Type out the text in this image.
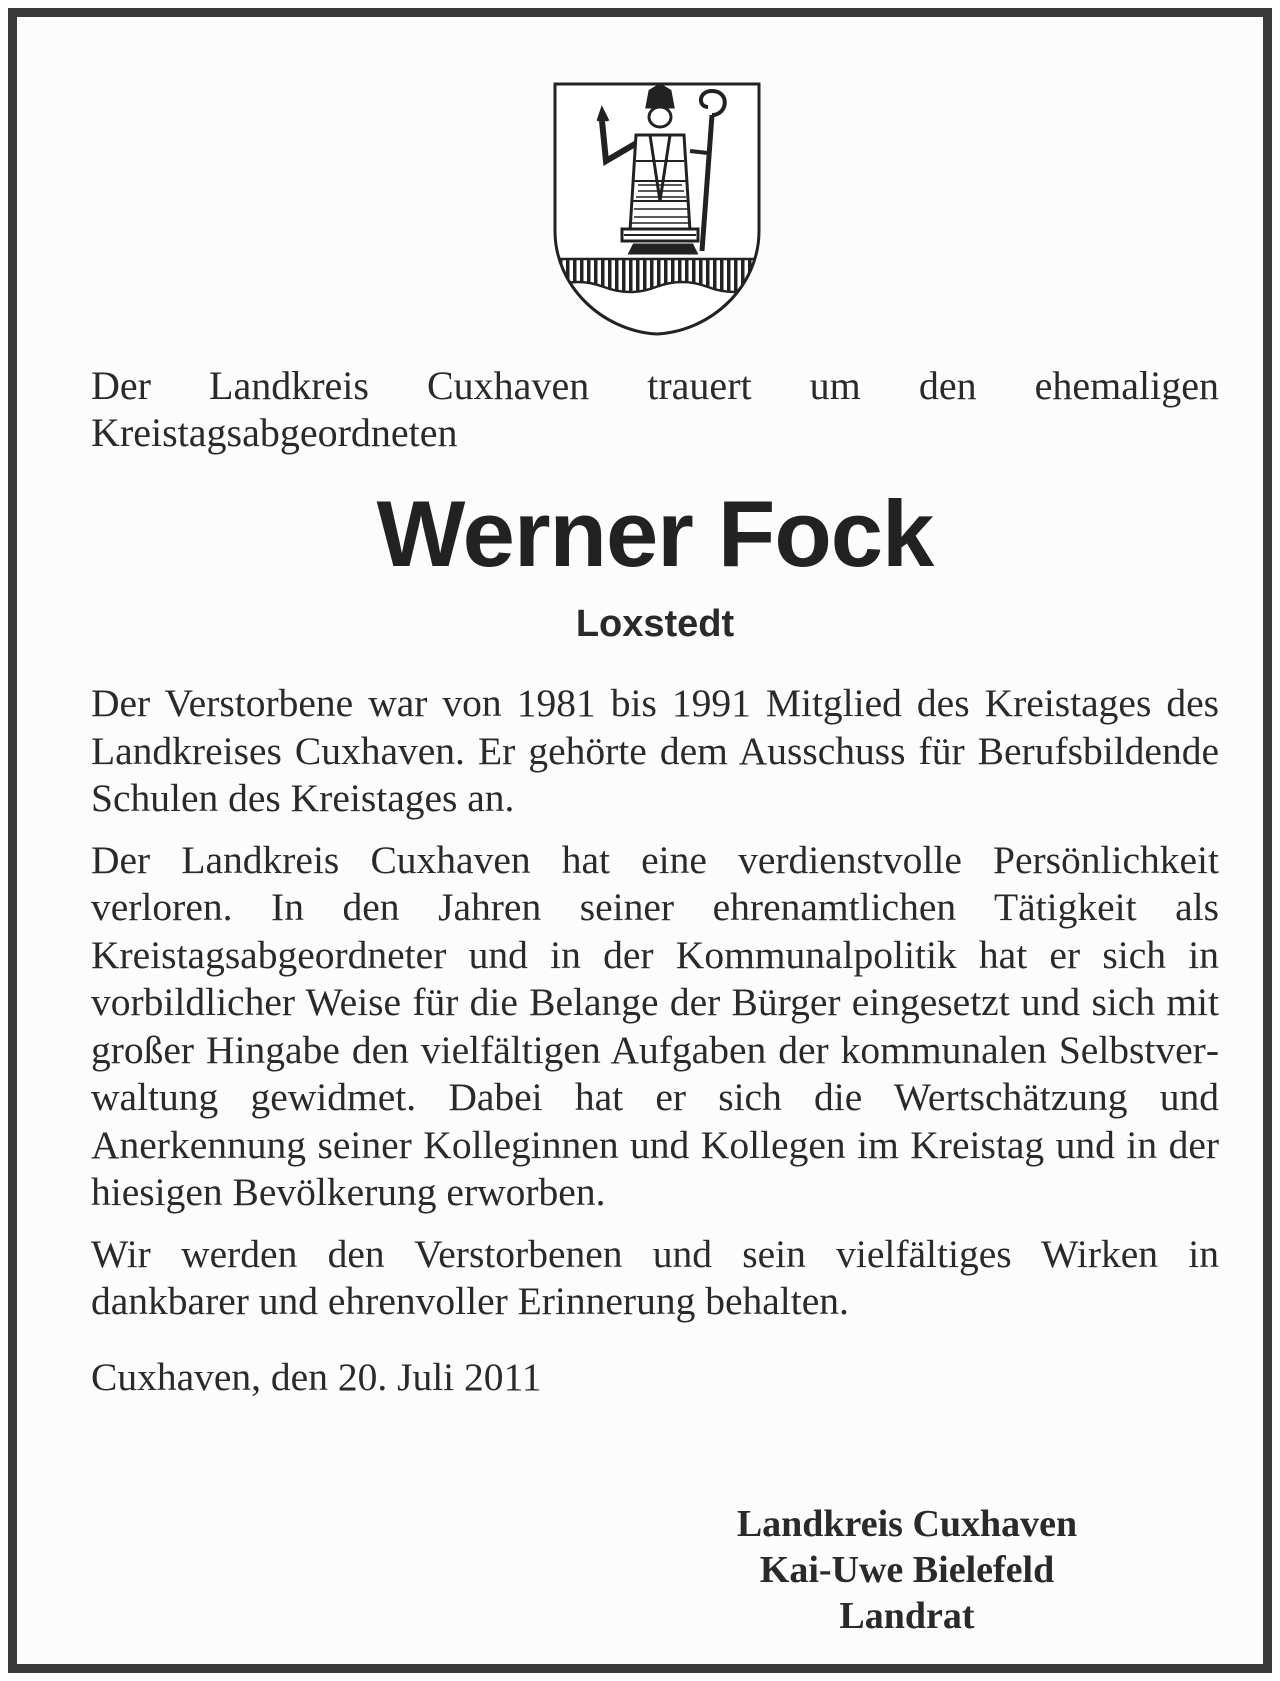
Der Landkreis Cuxhaven trauert um den ehemaligen Kreistagsabgeordneten

Werner Fock
Loxstedt

Der Verstorbene war von 1981 bis 1991 Mitglied des Kreistages des Landkreises Cuxhaven. Er gehörte dem Ausschuss für Berufsbildende Schulen des Kreistages an.

Der Landkreis Cuxhaven hat eine verdienstvolle Persönlichkeit verloren. In den Jahren seiner ehrenamtlichen Tätigkeit als Kreistagsabgeordneter und in der Kommunalpolitik hat er sich in vorbildlicher Weise für die Belange der Bürger eingesetzt und sich mit großer Hingabe den vielfältigen Aufgaben der kommunalen Selbstverwaltung gewidmet. Dabei hat er sich die Wertschätzung und Anerkennung seiner Kolleginnen und Kollegen im Kreistag und in der hiesigen Bevölkerung erworben.

Wir werden den Verstorbenen und sein vielfältiges Wirken in dankbarer und ehrenvoller Erinnerung behalten.

Cuxhaven, den 20. Juli 2011

Landkreis Cuxhaven
Kai-Uwe Bielefeld
Landrat
